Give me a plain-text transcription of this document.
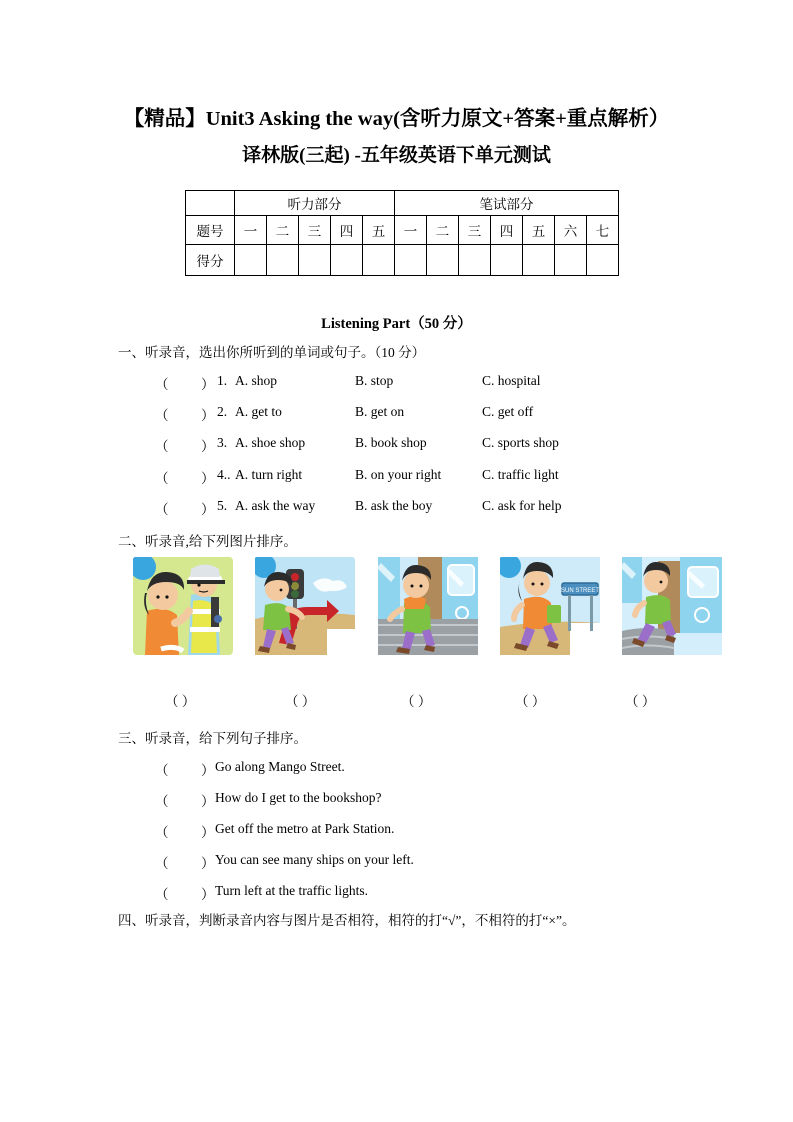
【精品】Unit3 Asking the way(含听力原文+答案+重点解析）
译林版(三起) -五年级英语下单元测试
	听力部分					笔试部分						
题号	一	二	三	四	五	一	二	三	四	五	六	七
得分												
Listening Part（50 分）
一、听录音，选出你所听到的单词或句子。（10 分）
（ ） 1. A. shop	B. stop	C. hospital
（ ） 2. A. get to	B. get on	C. get off
（ ） 3. A. shoe shop	B. book shop	C. sports shop
（ ） 4.. A. turn right	B. on your right	C. traffic light
（ ） 5. A. ask the way	B. ask the boy	C. ask for help
二、听录音,给下列图片排序。
SUN STREET
（ ）	（ ）	（ ）	（ ）	（ ）
三、听录音，给下列句子排序。
（ ） Go along Mango Street.
（ ） How do I get to the bookshop?
（ ） Get off the metro at Park Station.
（ ） You can see many ships on your left.
（ ） Turn left at the traffic lights.
四、听录音，判断录音内容与图片是否相符，相符的打“√”，不相符的打“×”。
